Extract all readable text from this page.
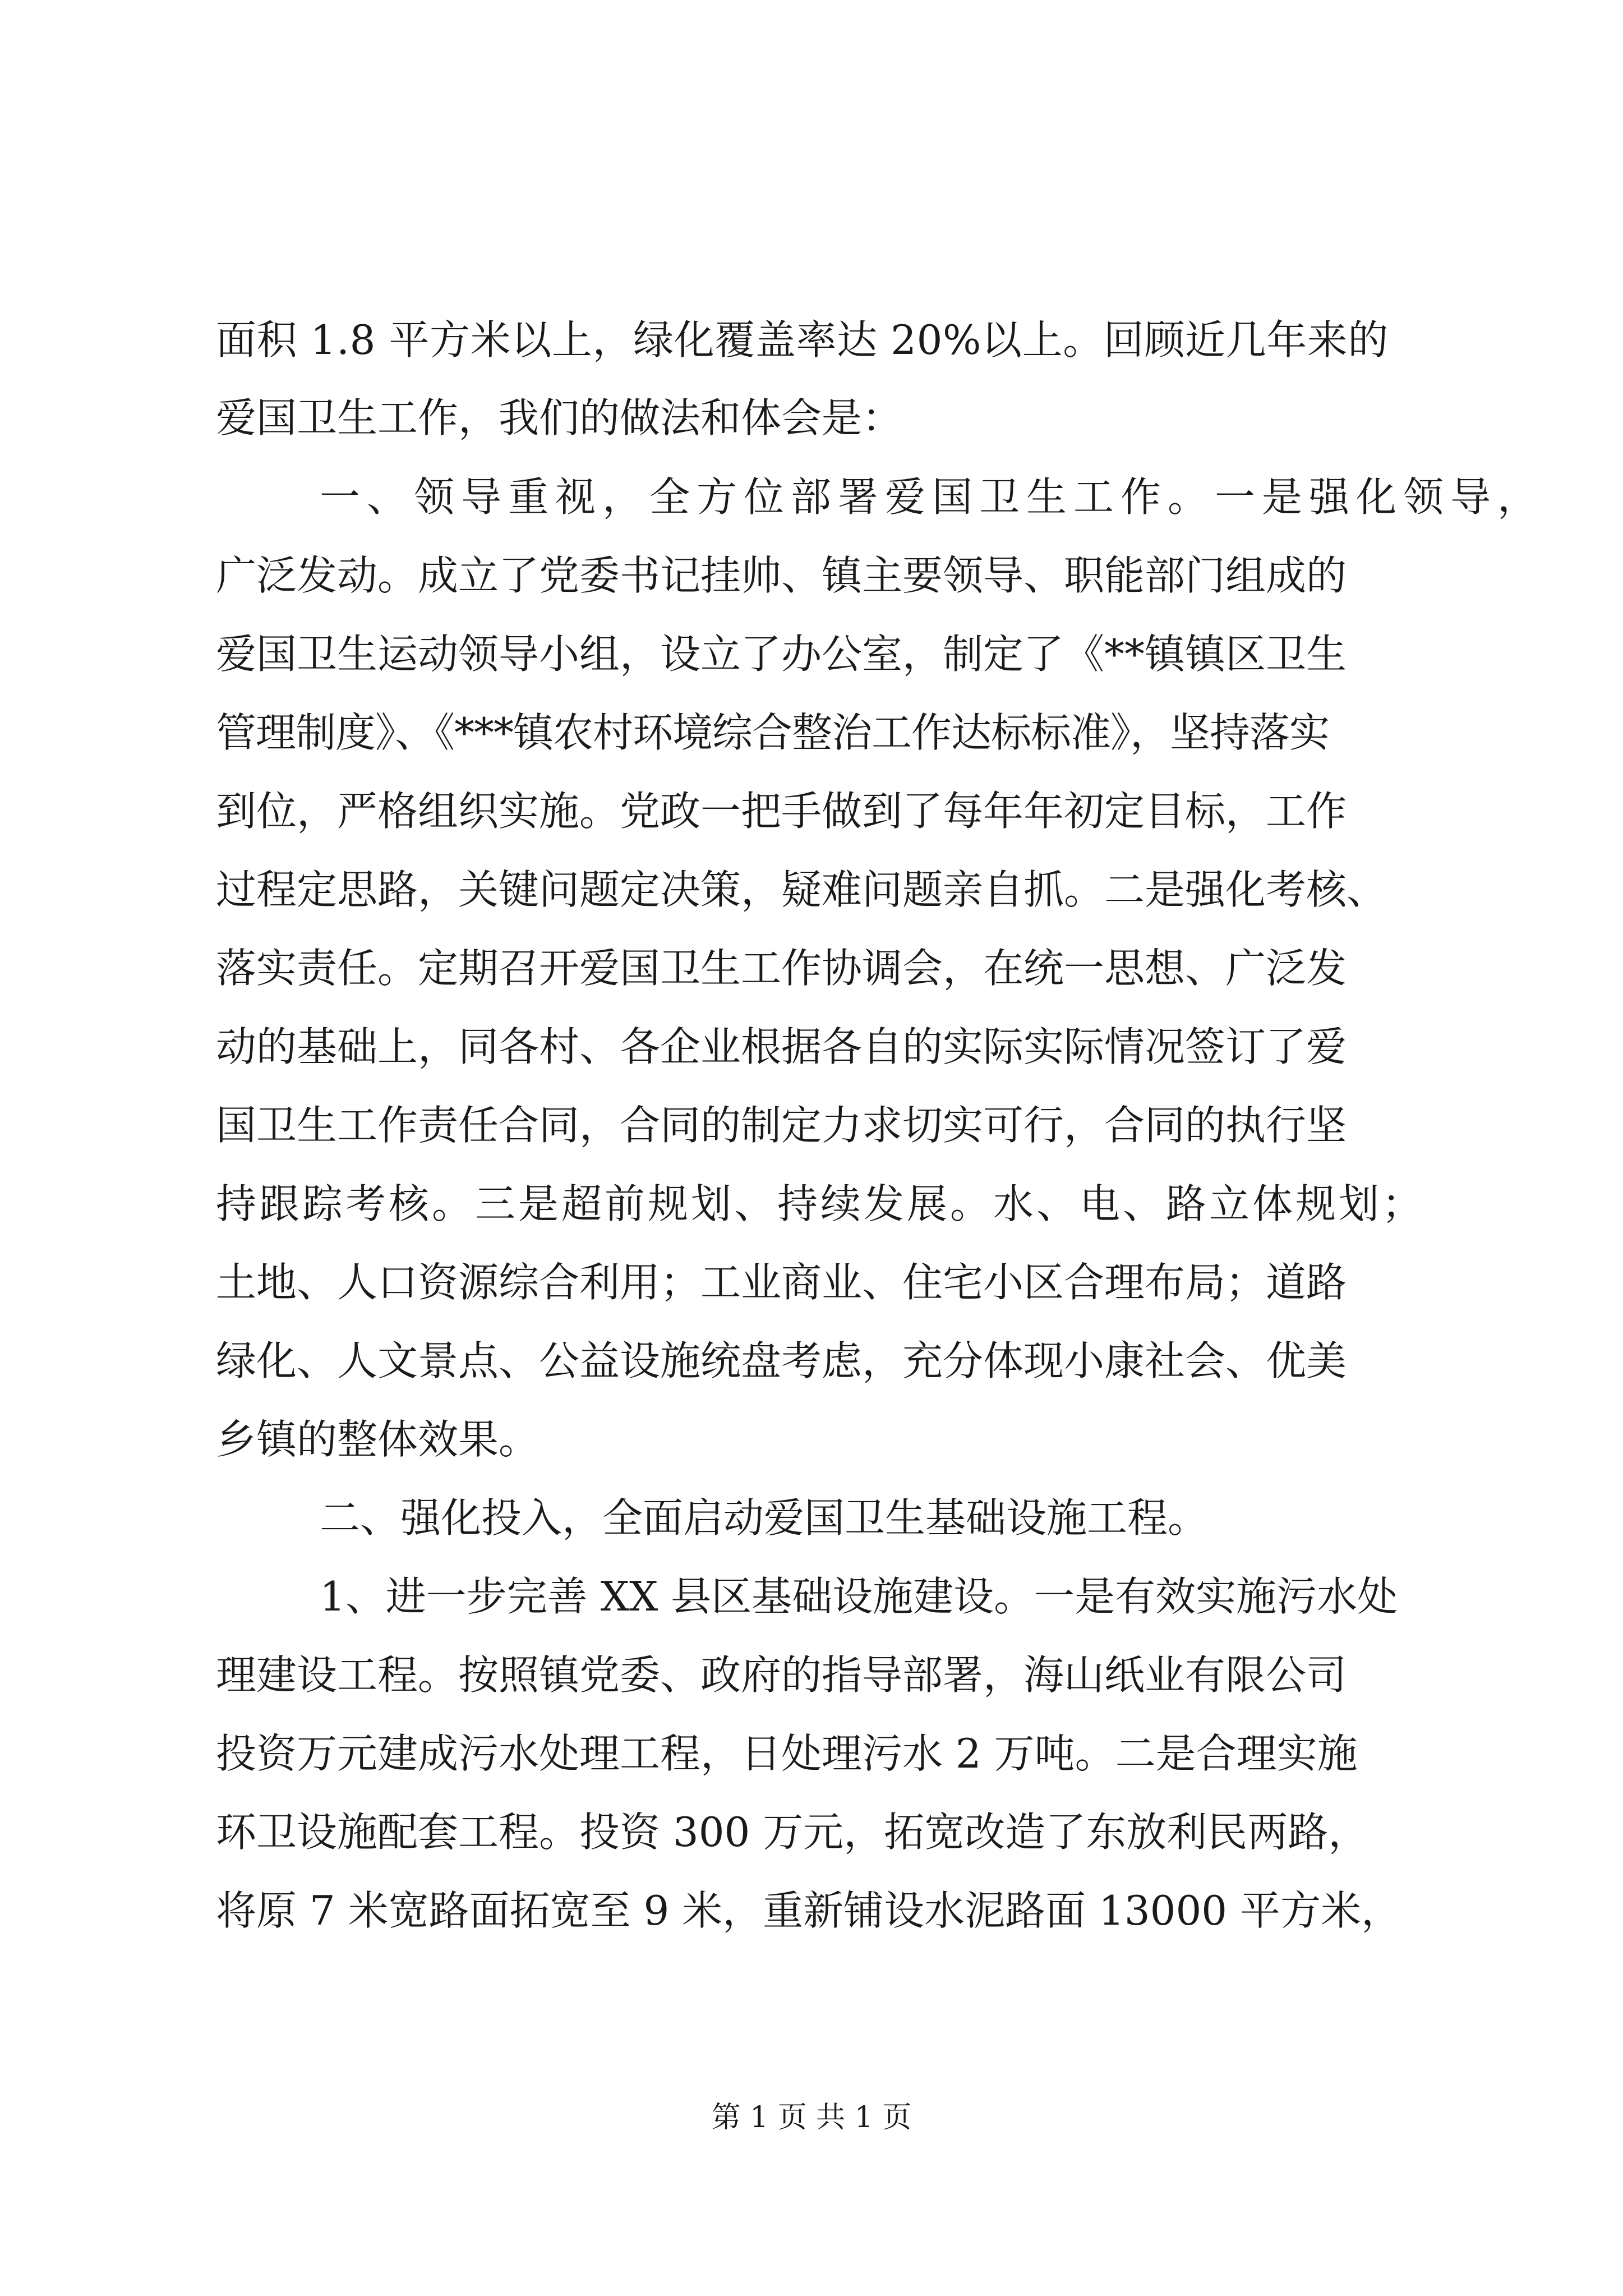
面积 1.8 平方米以上，绿化覆盖率达 20%以上。回顾近几年来的
爱国卫生工作，我们的做法和体会是：
一、领导重视，全方位部署爱国卫生工作。一是强化领导，
广泛发动。成立了党委书记挂帅、镇主要领导、职能部门组成的
爱国卫生运动领导小组，设立了办公室，制定了《**镇镇区卫生
管理制度》、《***镇农村环境综合整治工作达标标准》，坚持落实
到位，严格组织实施。党政一把手做到了每年年初定目标，工作
过程定思路，关键问题定决策，疑难问题亲自抓。二是强化考核、
落实责任。定期召开爱国卫生工作协调会，在统一思想、广泛发
动的基础上，同各村、各企业根据各自的实际实际情况签订了爱
国卫生工作责任合同，合同的制定力求切实可行，合同的执行坚
持跟踪考核。三是超前规划、持续发展。水、电、路立体规划；
土地、人口资源综合利用；工业商业、住宅小区合理布局；道路
绿化、人文景点、公益设施统盘考虑，充分体现小康社会、优美
乡镇的整体效果。
二、强化投入，全面启动爱国卫生基础设施工程。
1、进一步完善 XX 县区基础设施建设。一是有效实施污水处
理建设工程。按照镇党委、政府的指导部署，海山纸业有限公司
投资万元建成污水处理工程，日处理污水 2 万吨。二是合理实施
环卫设施配套工程。投资 300 万元，拓宽改造了东放利民两路，
将原 7 米宽路面拓宽至 9 米，重新铺设水泥路面 13000 平方米，
第 1 页 共 1 页
